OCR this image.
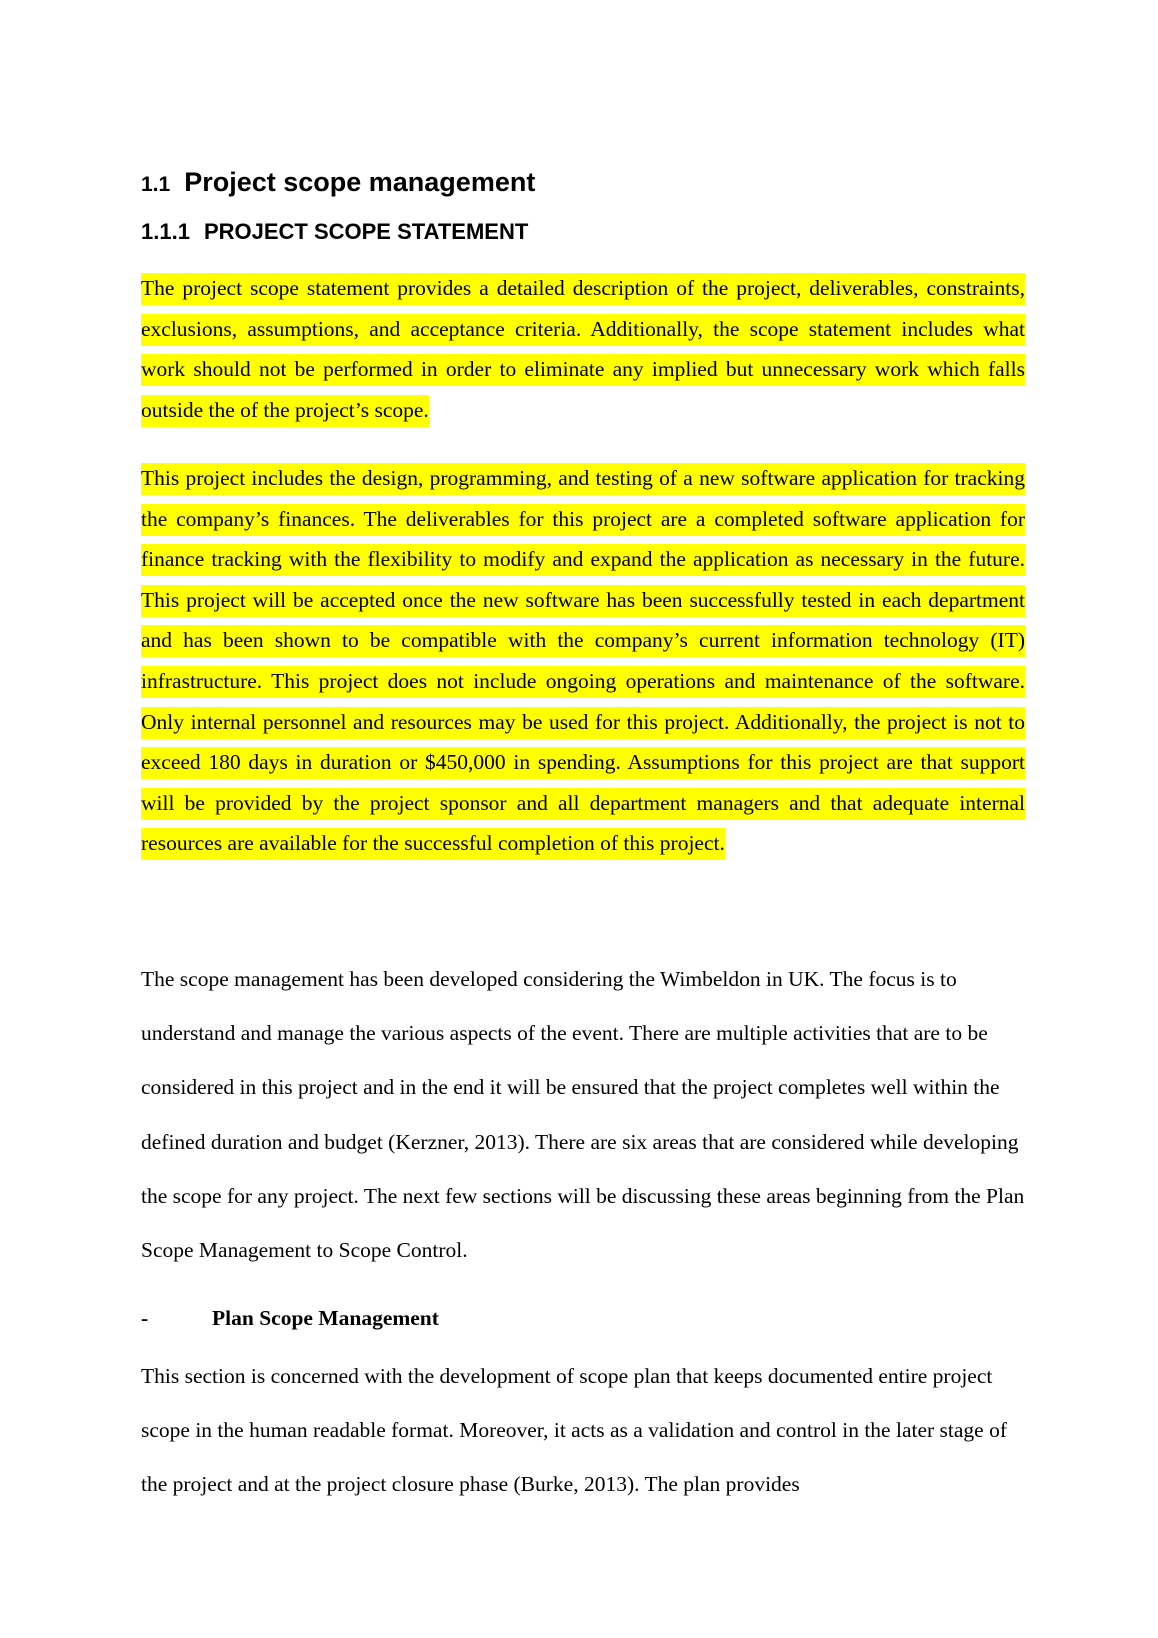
1.1 Project scope management
1.1.1 PROJECT SCOPE STATEMENT

The project scope statement provides a detailed description of the project, deliverables, constraints, exclusions, assumptions, and acceptance criteria. Additionally, the scope statement includes what work should not be performed in order to eliminate any implied but unnecessary work which falls outside the of the project’s scope.

This project includes the design, programming, and testing of a new software application for tracking the company’s finances. The deliverables for this project are a completed software application for finance tracking with the flexibility to modify and expand the application as necessary in the future. This project will be accepted once the new software has been successfully tested in each department and has been shown to be compatible with the company’s current information technology (IT) infrastructure. This project does not include ongoing operations and maintenance of the software. Only internal personnel and resources may be used for this project. Additionally, the project is not to exceed 180 days in duration or $450,000 in spending. Assumptions for this project are that support will be provided by the project sponsor and all department managers and that adequate internal resources are available for the successful completion of this project.

The scope management has been developed considering the Wimbeldon in UK. The focus is to understand and manage the various aspects of the event. There are multiple activities that are to be considered in this project and in the end it will be ensured that the project completes well within the defined duration and budget (Kerzner, 2013). There are six areas that are considered while developing the scope for any project. The next few sections will be discussing these areas beginning from the Plan Scope Management to Scope Control.

-	Plan Scope Management

This section is concerned with the development of scope plan that keeps documented entire project scope in the human readable format. Moreover, it acts as a validation and control in the later stage of the project and at the project closure phase (Burke, 2013). The plan provides
